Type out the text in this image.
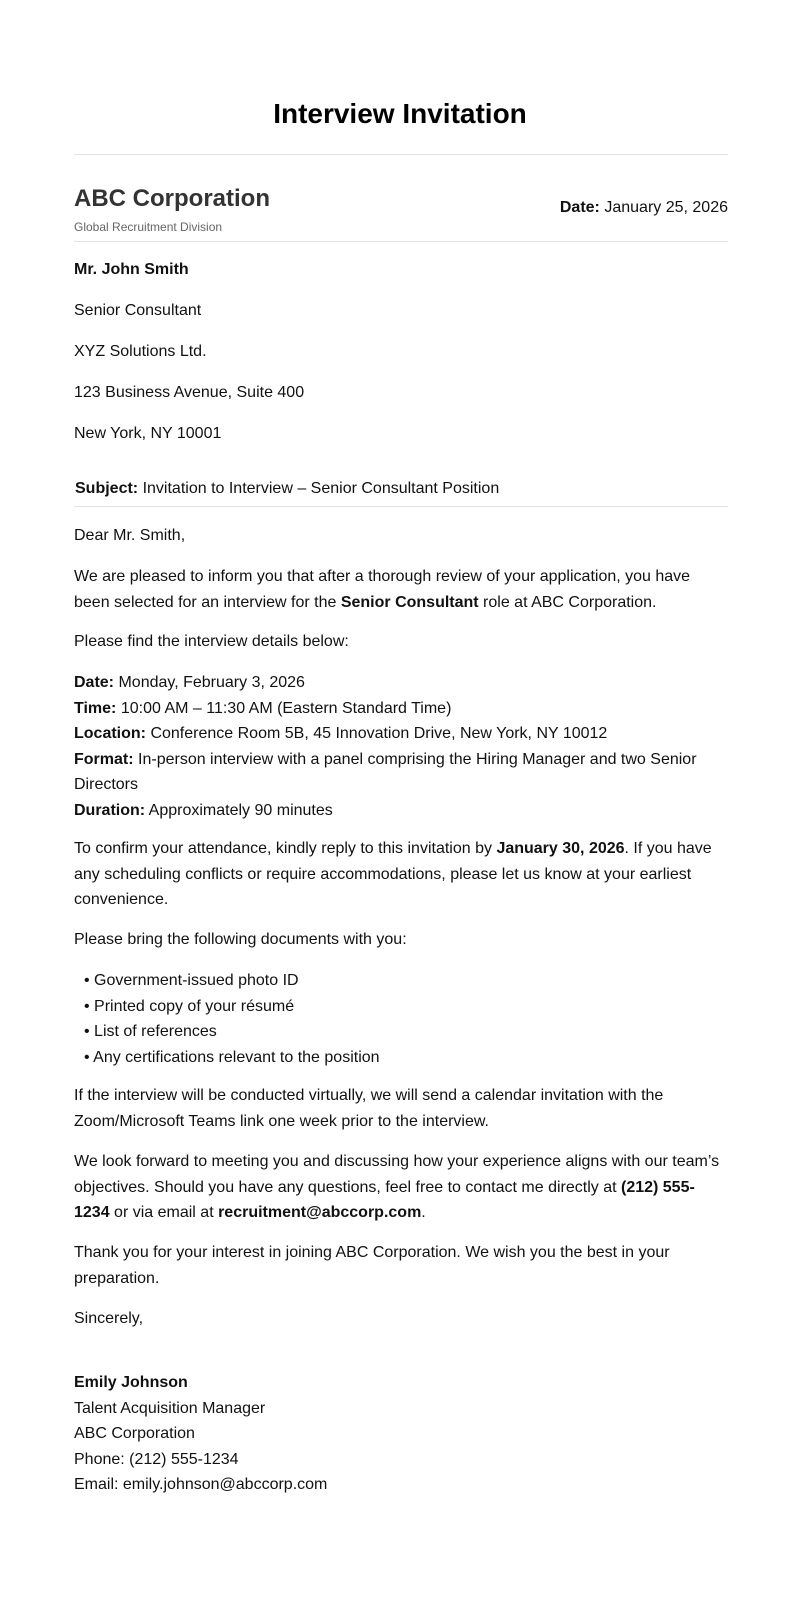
Interview Invitation
ABC Corporation
Global Recruitment Division
Date: January 25, 2026
Mr. John Smith
Senior Consultant
XYZ Solutions Ltd.
123 Business Avenue, Suite 400
New York, NY 10001
Subject: Invitation to Interview – Senior Consultant Position
Dear Mr. Smith,
We are pleased to inform you that after a thorough review of your application, you have been selected for an interview for the Senior Consultant role at ABC Corporation.
Please find the interview details below:
Date: Monday, February 3, 2026
Time: 10:00 AM – 11:30 AM (Eastern Standard Time)
Location: Conference Room 5B, 45 Innovation Drive, New York, NY 10012
Format: In-person interview with a panel comprising the Hiring Manager and two Senior Directors
Duration: Approximately 90 minutes
To confirm your attendance, kindly reply to this invitation by January 30, 2026. If you have any scheduling conflicts or require accommodations, please let us know at your earliest convenience.
Please bring the following documents with you:
• Government-issued photo ID
• Printed copy of your résumé
• List of references
• Any certifications relevant to the position
If the interview will be conducted virtually, we will send a calendar invitation with the Zoom/Microsoft Teams link one week prior to the interview.
We look forward to meeting you and discussing how your experience aligns with our team’s objectives. Should you have any questions, feel free to contact me directly at (212) 555-1234 or via email at recruitment@abccorp.com.
Thank you for your interest in joining ABC Corporation. We wish you the best in your preparation.
Sincerely,
Emily Johnson
Talent Acquisition Manager
ABC Corporation
Phone: (212) 555-1234
Email: emily.johnson@abccorp.com
